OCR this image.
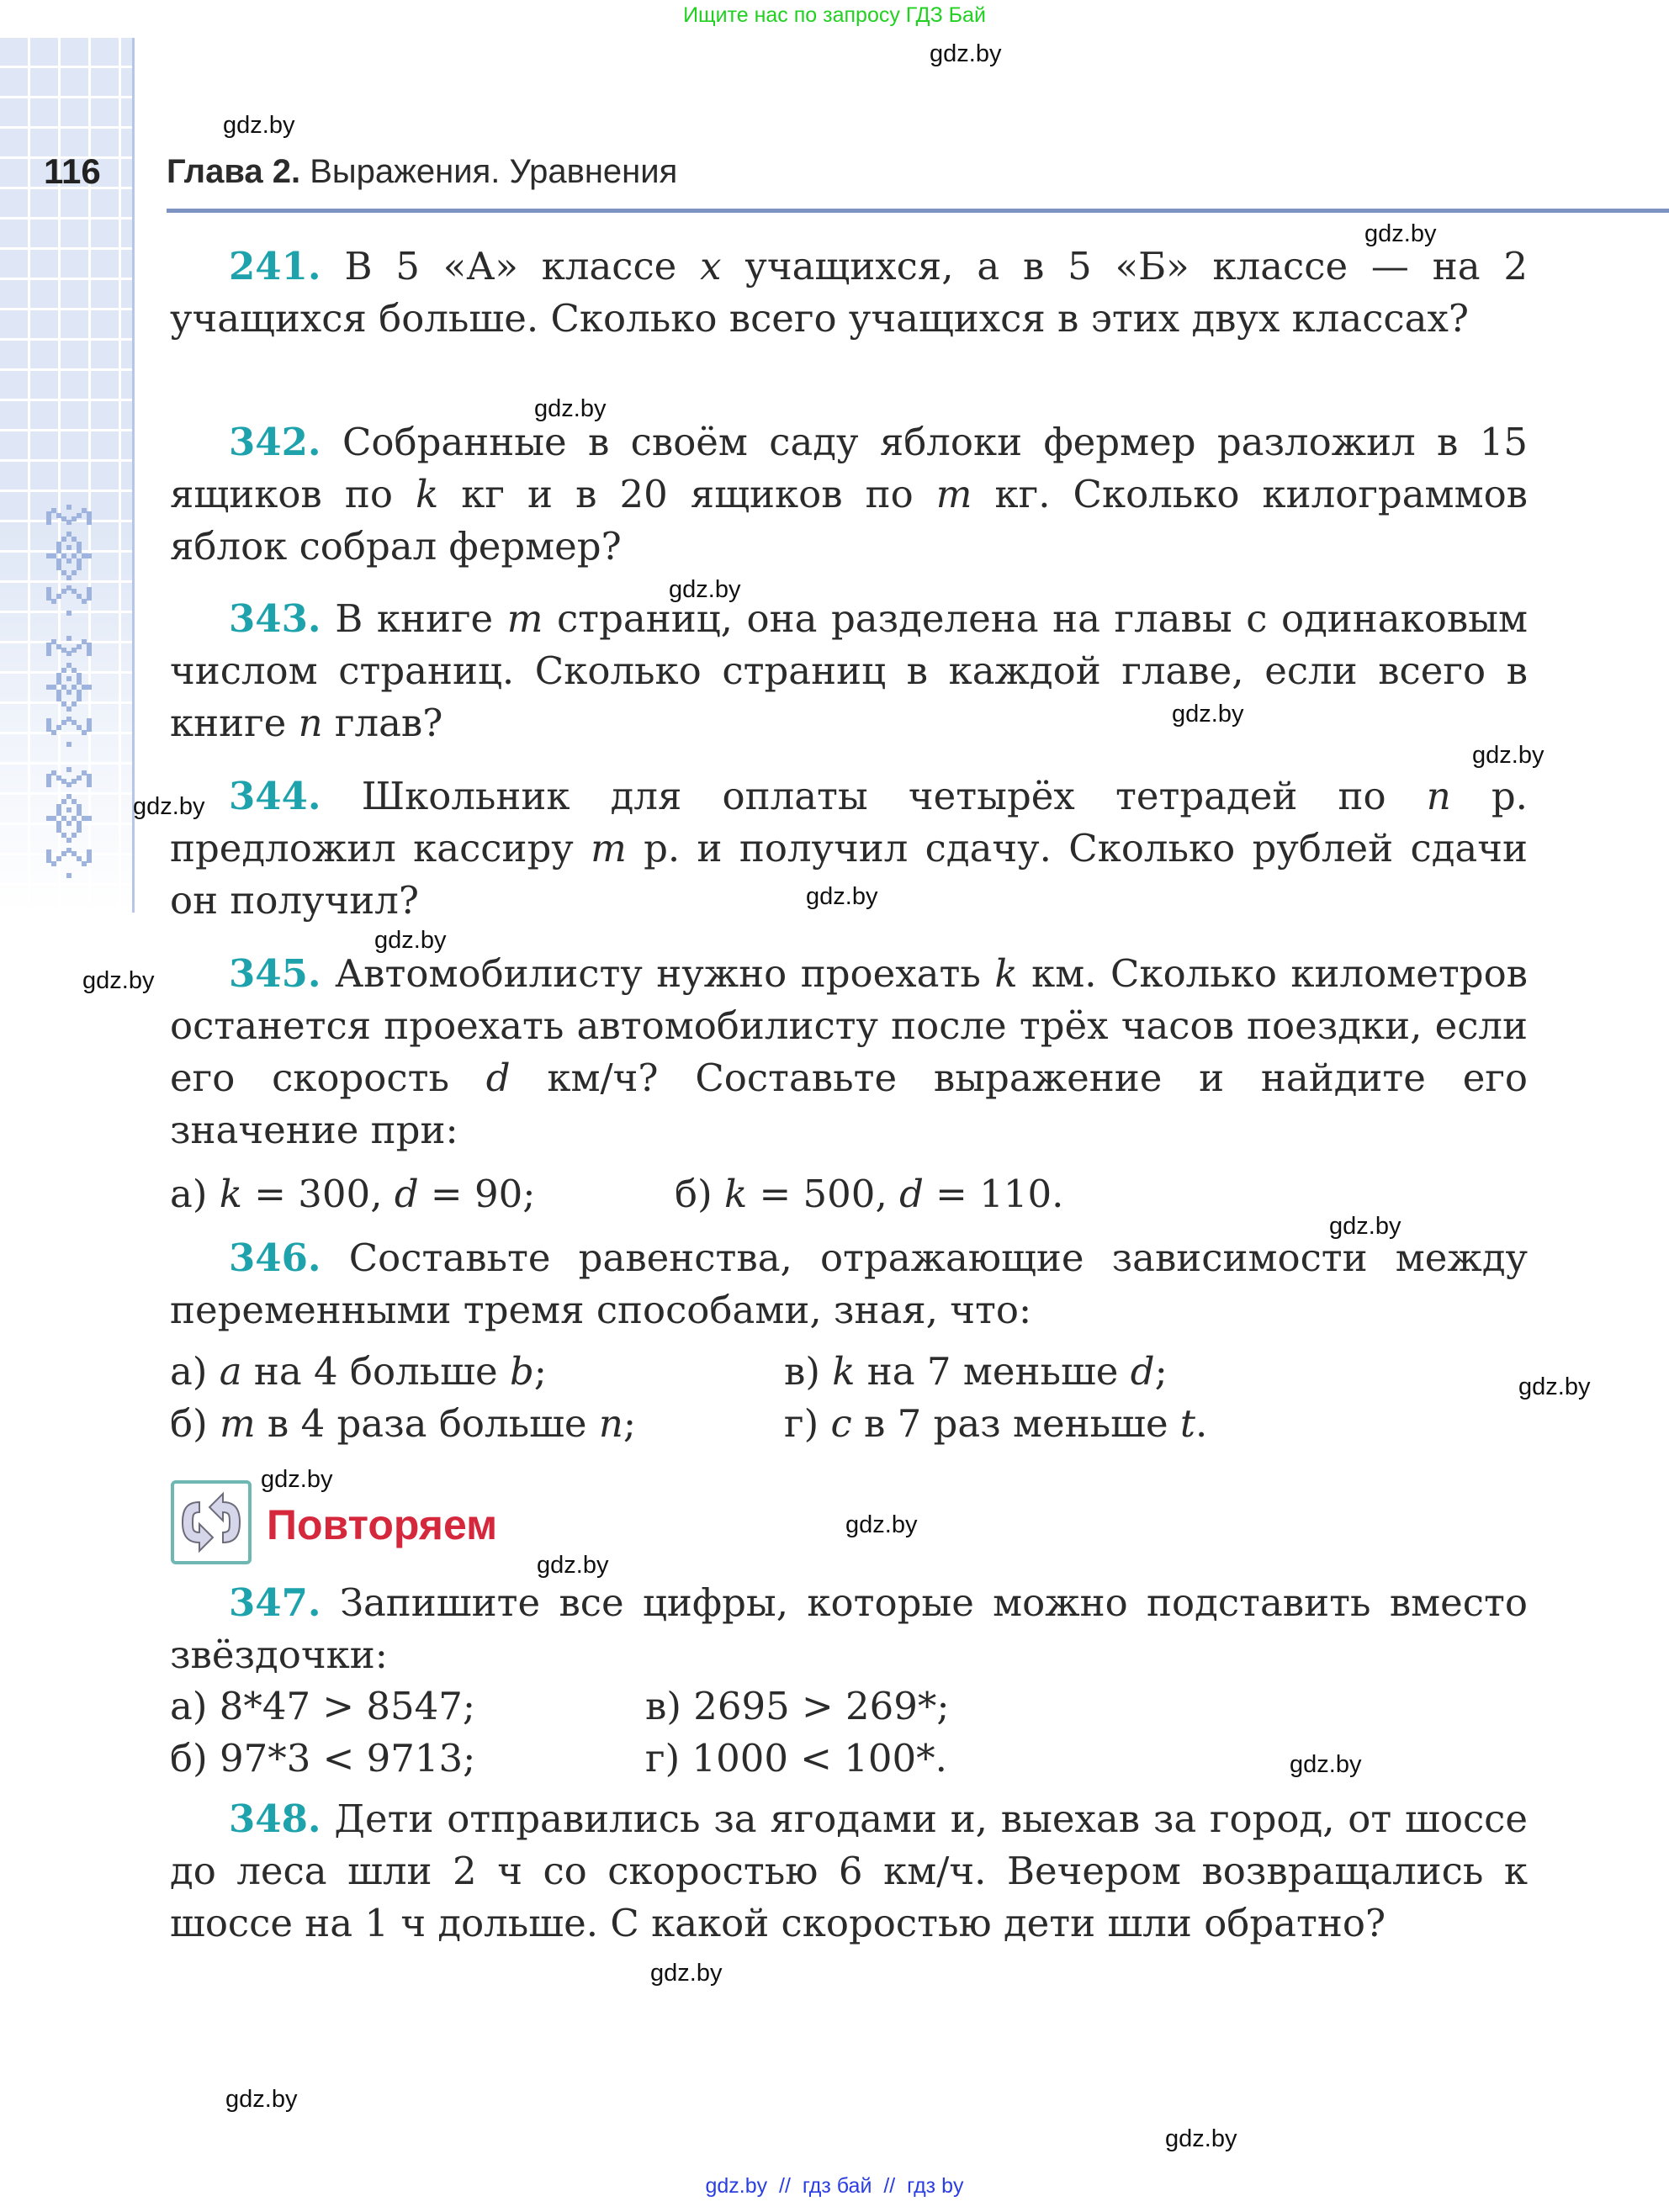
Ищите нас по запросу ГДЗ Бай
116 Глава 2. Выражения. Уравнения
gdz.by
gdz.by
gdz.by
gdz.by
gdz.by
gdz.by
gdz.by
gdz.by
gdz.by
gdz.by
gdz.by
gdz.by
gdz.by
gdz.by
gdz.by
gdz.by
gdz.by
gdz.by
gdz.by
gdz.by
241. В 5 «А» классе x учащихся, а в 5 «Б» классе — на 2 учащихся больше. Сколько всего учащихся в этих двух классах?
342. Собранные в своём саду яблоки фермер разложил в 15 ящиков по k кг и в 20 ящиков по m кг. Сколько килограммов яблок собрал фермер?
343. В книге m страниц, она разделена на главы с одинаковым числом страниц. Сколько страниц в каждой главе, если всего в книге n глав?
344. Школьник для оплаты четырёх тетрадей по n р. предложил кассиру m р. и получил сдачу. Сколько рублей сдачи он получил?
345. Автомобилисту нужно проехать k км. Сколько километров останется проехать автомобилисту после трёх часов поездки, если его скорость d км/ч? Составьте выражение и найдите его значение при:
а) k = 300, d = 90;	б) k = 500, d = 110.
346. Составьте равенства, отражающие зависимости между переменными тремя способами, зная, что:
а) a на 4 больше b;	в) k на 7 меньше d;
б) m в 4 раза больше n;	г) c в 7 раз меньше t.
Повторяем
347. Запишите все цифры, которые можно подставить вместо звёздочки:
а) 8*47 > 8547;	в) 2695 > 269*;
б) 97*3 < 9713;	г) 1000 < 100*.
348. Дети отправились за ягодами и, выехав за город, от шоссе до леса шли 2 ч со скоростью 6 км/ч. Вечером возвращались к шоссе на 1 ч дольше. С какой скоростью дети шли обратно?
gdz.by  //  гдз бай  //  гдз by
